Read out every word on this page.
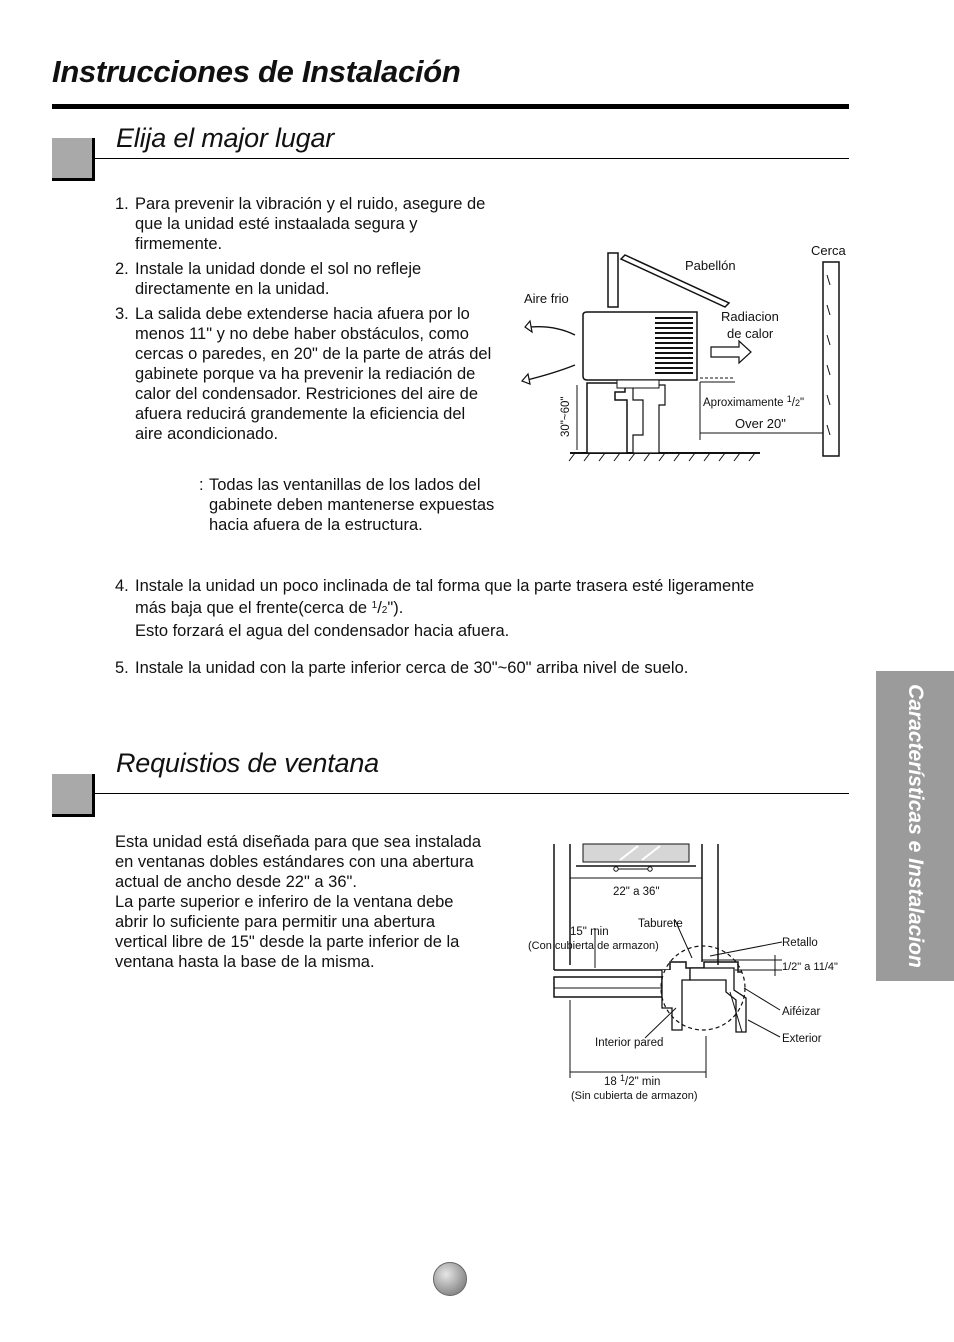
Instrucciones de Instalación
Elija el major lugar
1. Para prevenir la vibración y el ruido, asegure de que la unidad esté instaalada segura y firmemente.
2. Instale la unidad donde el sol no refleje directamente en la unidad.
3. La salida debe extenderse hacia afuera por lo menos 11" y no debe haber obstáculos, como cercas o paredes, en 20" de la parte de atrás del gabinete porque va ha prevenir la rediación de calor del condensador. Restriciones del aire de afuera reducirá grandemente la eficiencia del aire acondicionado.
: Todas las ventanillas de los lados del gabinete deben mantenerse expuestas hacia afuera de la estructura.
4. Instale la unidad un poco inclinada de tal forma que la parte trasera esté ligeramente
más baja que el frente(cerca de $^1$/2").
Esto forzará el agua del condensador hacia afuera.
5. Instale la unidad con la parte inferior cerca de 30"~60" arriba nivel de suelo.
Cerca
Pabellón
Aire frio
Radiacion
de calor
Aproximamente $^1$/2"
Over 20"
30"~60"
Requistios de ventana
Esta unidad está diseñada para que sea instalada en ventanas dobles estándares con una abertura actual de ancho desde 22" a 36".
La parte superior e inferiro de la ventana debe abrir lo suficiente para permitir una abertura vertical libre de 15" desde la parte inferior de la ventana hasta la base de la misma.
22" a 36"
15" min
(Con cubierta de armazon)
Taburete
Retallo
1/2" a 11/4"
Aiféizar
Exterior
Interior pared
18 $^1$/2" min
(Sin cubierta de armazon)
Características e Instalacion
